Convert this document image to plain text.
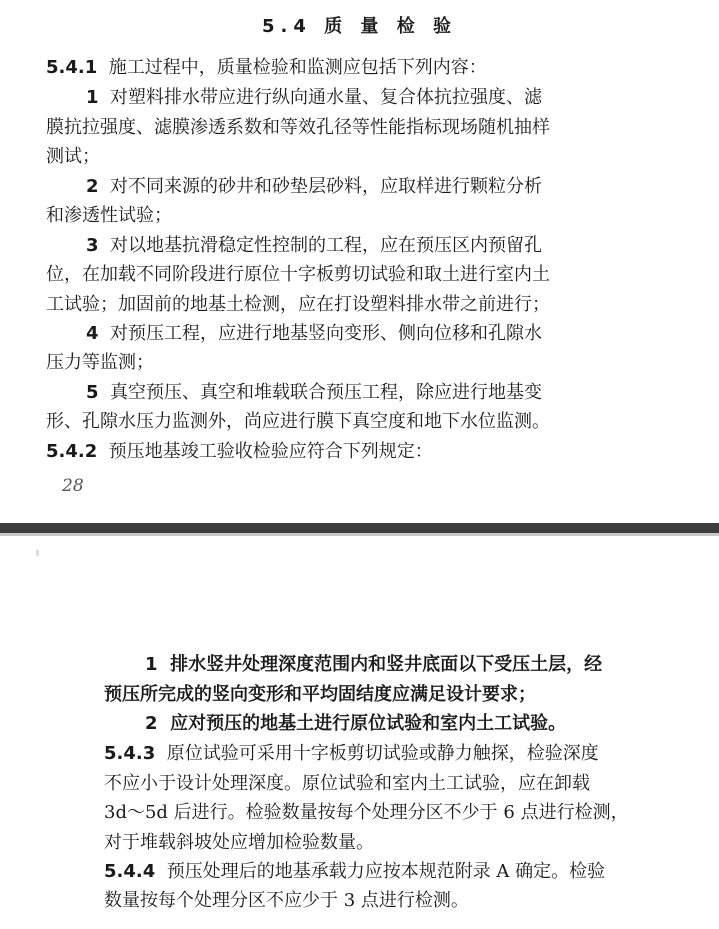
5.4 质 量 检 验
5.4.1 施工过程中，质量检验和监测应包括下列内容：
1 对塑料排水带应进行纵向通水量、复合体抗拉强度、滤
膜抗拉强度、滤膜渗透系数和等效孔径等性能指标现场随机抽样
测试；
2 对不同来源的砂井和砂垫层砂料，应取样进行颗粒分析
和渗透性试验；
3 对以地基抗滑稳定性控制的工程，应在预压区内预留孔
位，在加载不同阶段进行原位十字板剪切试验和取土进行室内土
工试验；加固前的地基土检测，应在打设塑料排水带之前进行；
4 对预压工程，应进行地基竖向变形、侧向位移和孔隙水
压力等监测；
5 真空预压、真空和堆载联合预压工程，除应进行地基变
形、孔隙水压力监测外，尚应进行膜下真空度和地下水位监测。
5.4.2 预压地基竣工验收检验应符合下列规定：
28
1 排水竖井处理深度范围内和竖井底面以下受压土层，经
预压所完成的竖向变形和平均固结度应满足设计要求；
2 应对预压的地基土进行原位试验和室内土工试验。
5.4.3 原位试验可采用十字板剪切试验或静力触探，检验深度
不应小于设计处理深度。原位试验和室内土工试验，应在卸载
3d～5d 后进行。检验数量按每个处理分区不少于 6 点进行检测，
对于堆载斜坡处应增加检验数量。
5.4.4 预压处理后的地基承载力应按本规范附录 A 确定。检验
数量按每个处理分区不应少于 3 点进行检测。
